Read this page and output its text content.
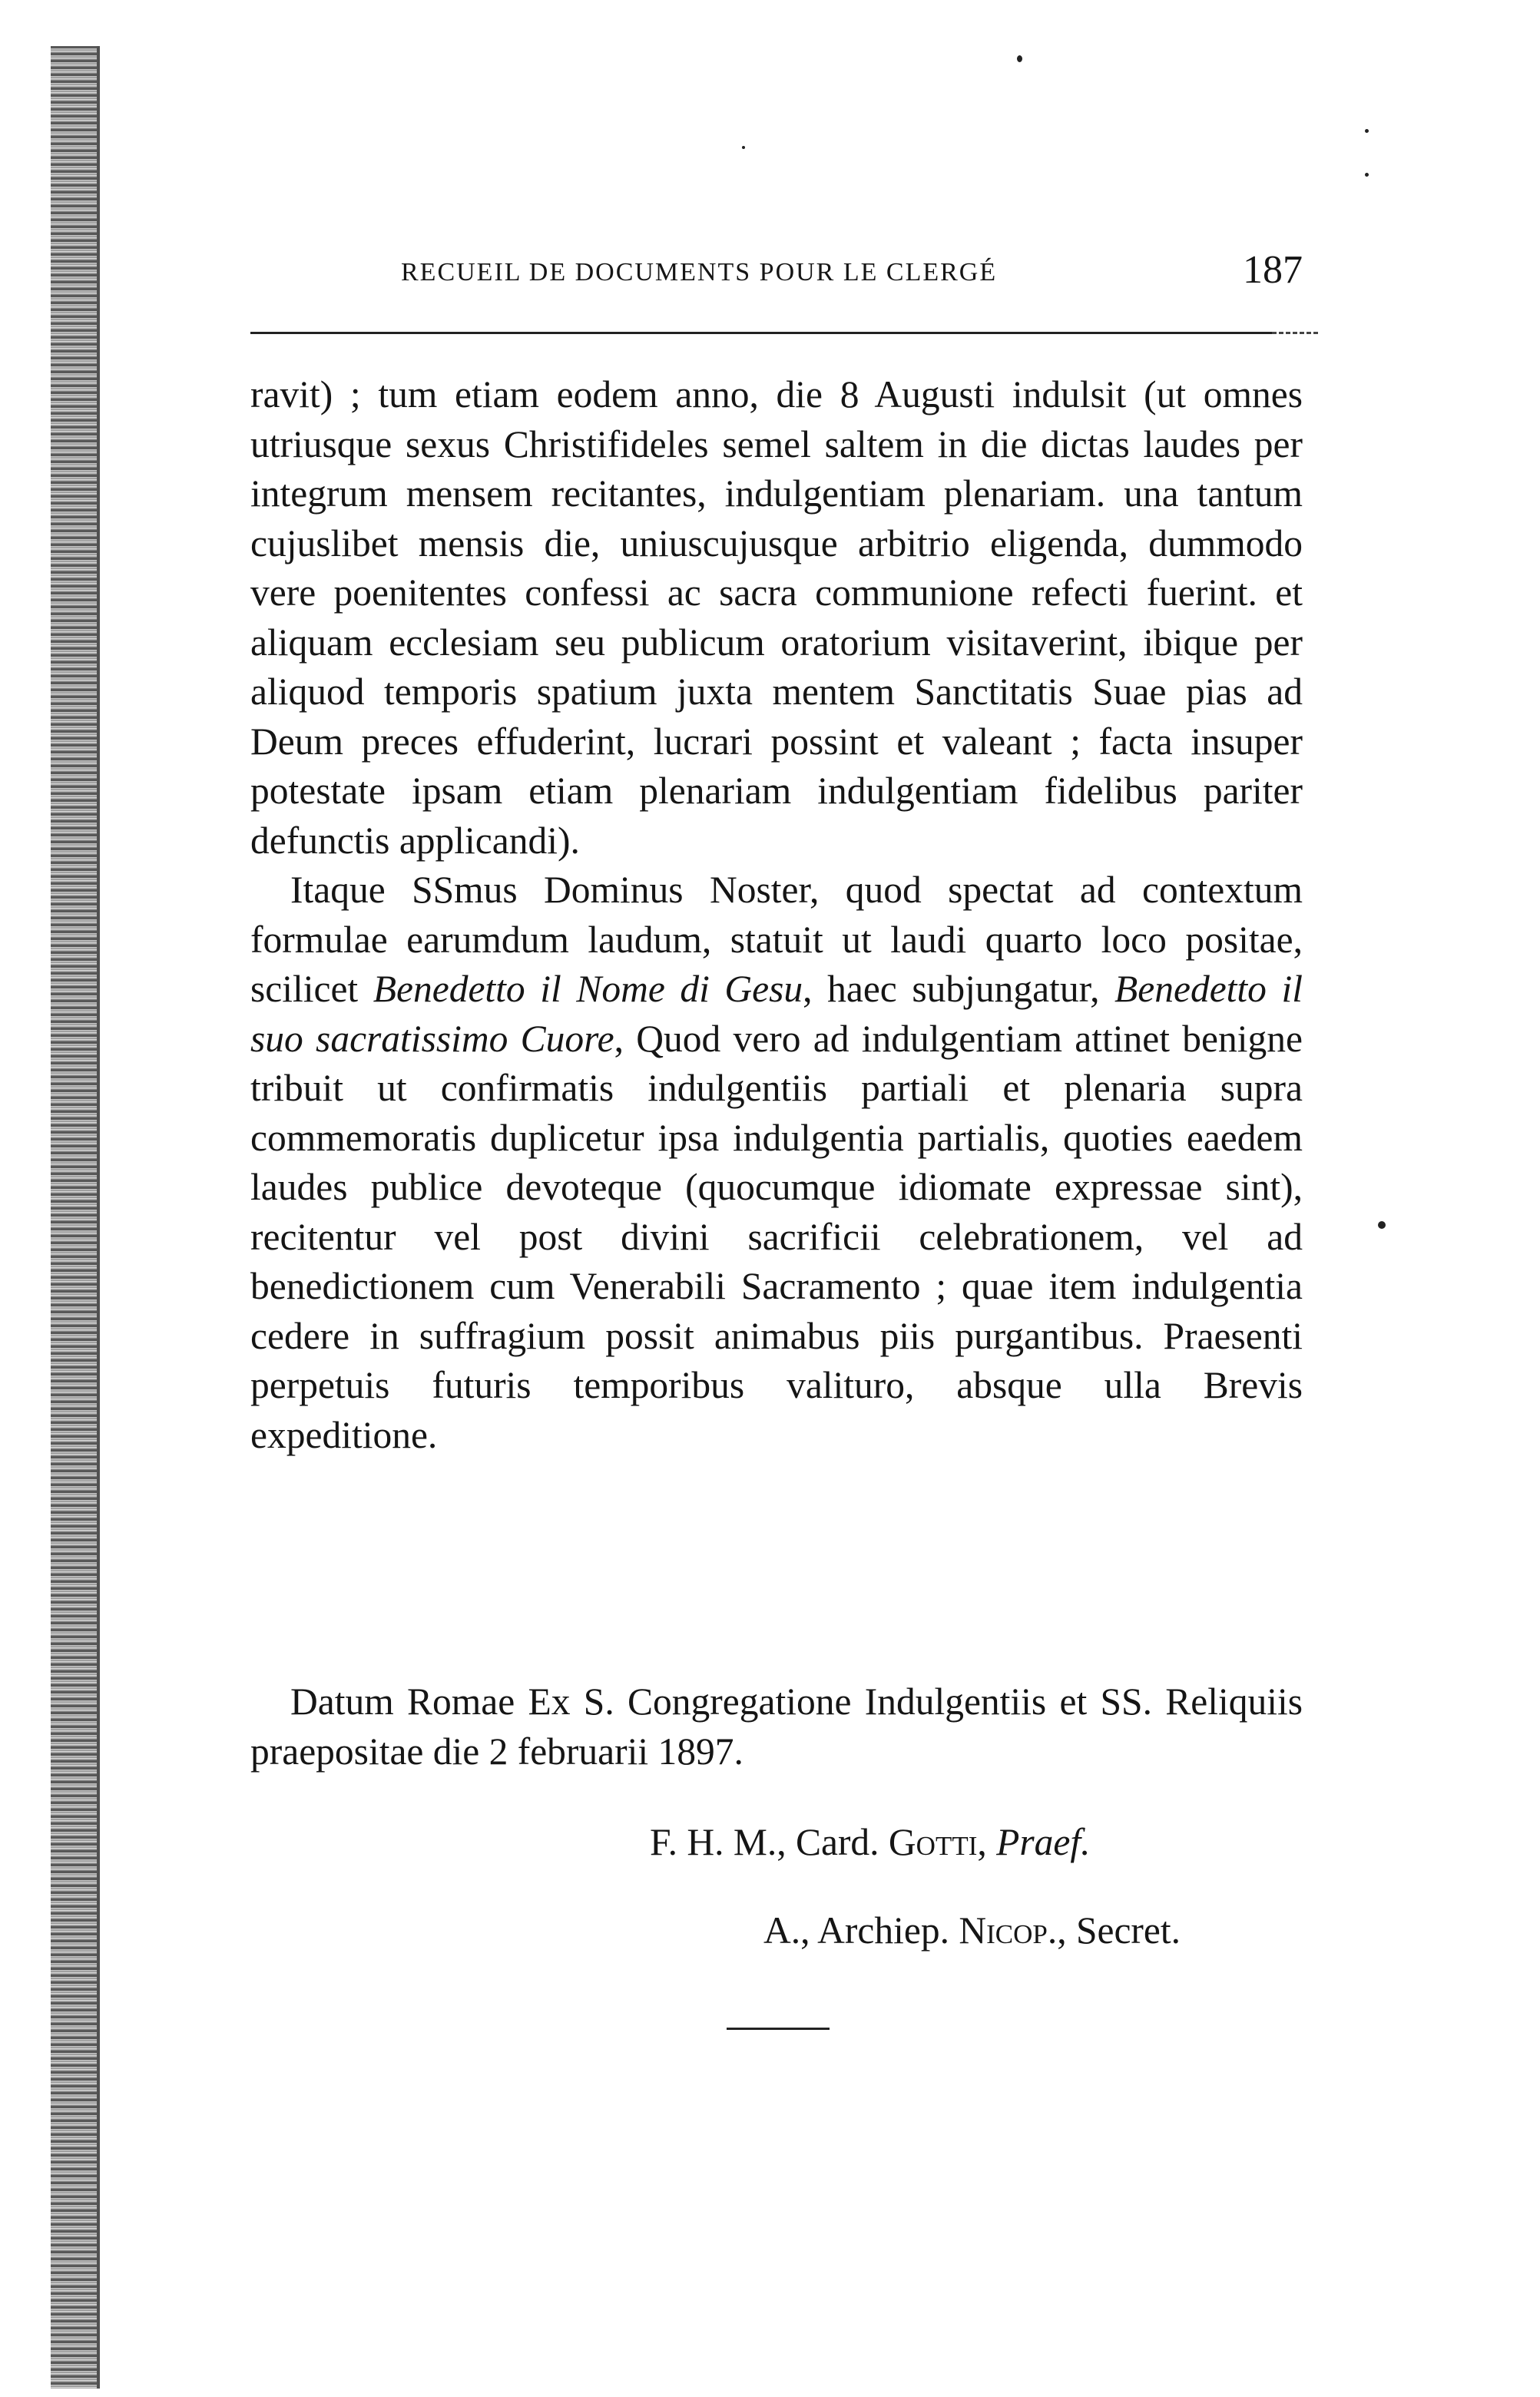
RECUEIL DE DOCUMENTS POUR LE CLERGÉ	187

ravit) ; tum etiam eodem anno, die 8 Augusti indulsit (ut omnes utriusque sexus Christifideles semel saltem in die dictas laudes per integrum mensem recitantes, indulgentiam plenariam. una tantum cujuslibet mensis die, uniuscujusque arbitrio eligenda, dummodo vere poenitentes confessi ac sacra communione refecti fuerint. et aliquam ecclesiam seu publicum oratorium visitaverint, ibique per aliquod temporis spatium juxta mentem Sanctitatis Suae pias ad Deum preces effuderint, lucrari possint et valeant ; facta insuper potestate ipsam etiam plenariam indulgentiam fidelibus pariter defunctis applicandi).

Itaque SSmus Dominus Noster, quod spectat ad contextum formulae earumdum laudum, statuit ut laudi quarto loco positae, scilicet Benedetto il Nome di Gesu, haec subjungatur, Benedetto il suo sacratissimo Cuore, Quod vero ad indulgentiam attinet benigne tribuit ut confirmatis indulgentiis partiali et plenaria supra commemoratis duplicetur ipsa indulgentia partialis, quoties eaedem laudes publice devoteque (quocumque idiomate expressae sint), recitentur vel post divini sacrificii celebrationem, vel ad benedictionem cum Venerabili Sacramento ; quae item indulgentia cedere in suffragium possit animabus piis purgantibus. Praesenti perpetuis futuris temporibus valituro, absque ulla Brevis expeditione.

Datum Romae Ex S. Congregatione Indulgentiis et SS. Reliquiis praepositae die 2 februarii 1897.

F. H. M., Card. Gotti, Praef.
A., Archiep. Nicop., Secret.
